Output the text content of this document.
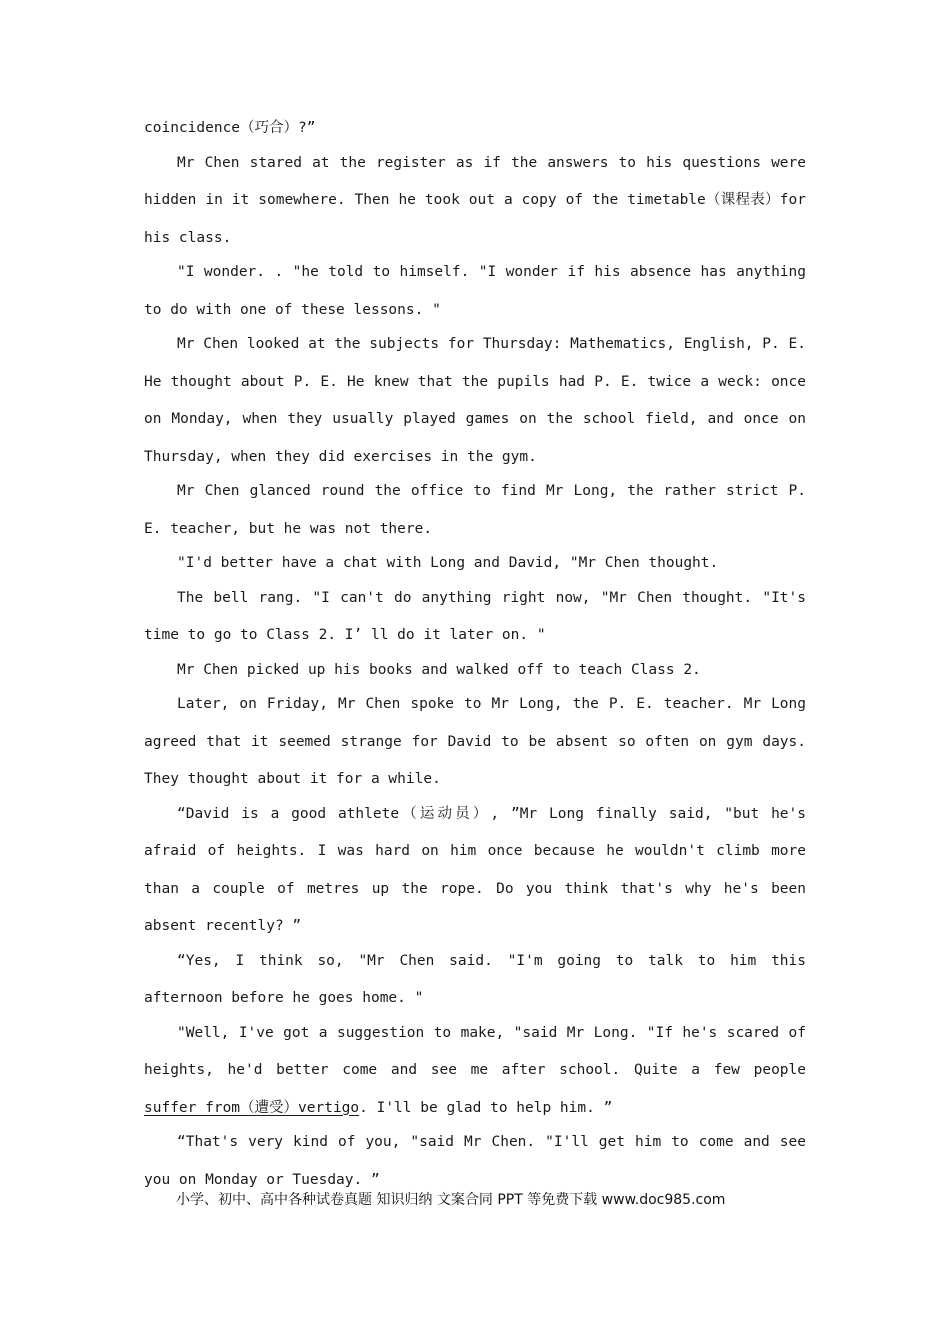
coincidence（巧合）?”

Mr Chen stared at the register as if the answers to his questions were hidden in it somewhere. Then he took out a copy of the timetable（课程表）for his class.

"I wonder. . "he told to himself. "I wonder if his absence has anything to do with one of these lessons. "

Mr Chen looked at the subjects for Thursday: Mathematics, English, P. E. He thought about P. E. He knew that the pupils had P. E. twice a weck: once on Monday, when they usually played games on the school field, and once on Thursday, when they did exercises in the gym.

Mr Chen glanced round the office to find Mr Long, the rather strict P. E. teacher, but he was not there.

"I'd better have a chat with Long and David, "Mr Chen thought.

The bell rang. "I can't do anything right now, "Mr Chen thought. "It's time to go to Class 2. I’ ll do it later on. "

Mr Chen picked up his books and walked off to teach Class 2.

Later, on Friday, Mr Chen spoke to Mr Long, the P. E. teacher. Mr Long agreed that it seemed strange for David to be absent so often on gym days. They thought about it for a while.

“David is a good athlete（运动员）, ”Mr Long finally said, "but he's afraid of heights. I was hard on him once because he wouldn't climb more than a couple of metres up the rope. Do you think that's why he's been absent recently? ”

“Yes, I think so, "Mr Chen said. "I'm going to talk to him this afternoon before he goes home. "

"Well, I've got a suggestion to make, "said Mr Long. "If he's scared of heights, he'd better come and see me after school. Quite a few people suffer from（遭受）vertigo. I'll be glad to help him. ”

“That's very kind of you, "said Mr Chen. "I'll get him to come and see you on Monday or Tuesday. ”

小学、初中、高中各种试卷真题 知识归纳 文案合同 PPT 等免费下载 www.doc985.com
